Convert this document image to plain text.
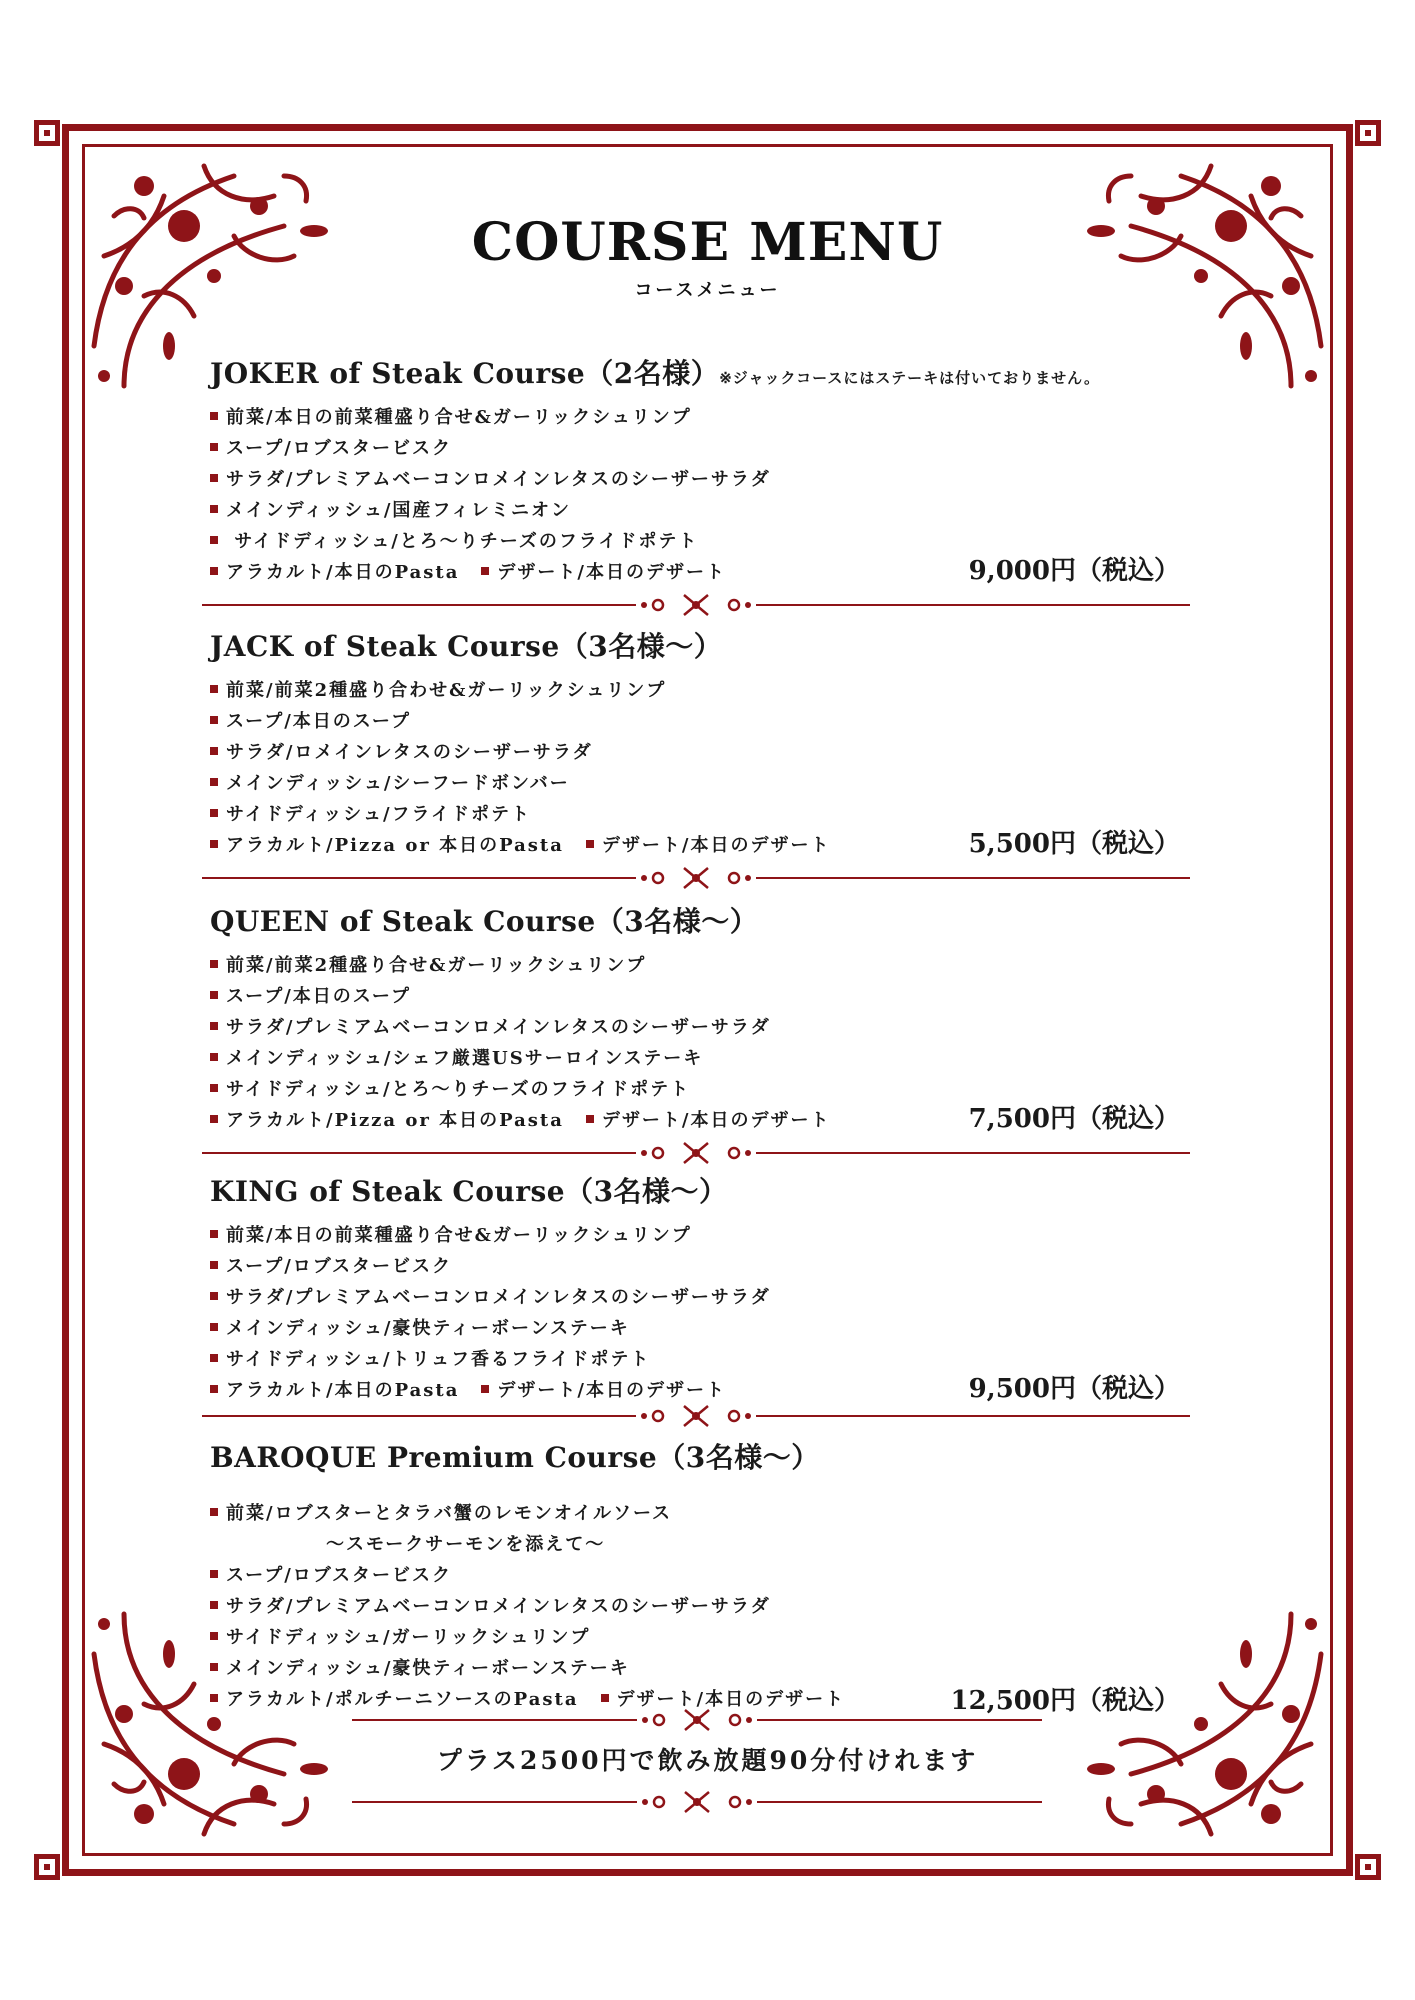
COURSE MENU
コースメニュー
JOKER of Steak Course（2名様）※ジャックコースにはステーキは付いておりません。
前菜/本日の前菜種盛り合せ&ガーリックシュリンプ
スープ/ロブスタービスク
サラダ/プレミアムベーコンロメインレタスのシーザーサラダ
メインディッシュ/国産フィレミニオン
サイドディッシュ/とろ〜りチーズのフライドポテト
アラカルト/本日のPasta デザート/本日のデザート	9,000円（税込）
JACK of Steak Course（3名様〜）
前菜/前菜2種盛り合わせ&ガーリックシュリンプ
スープ/本日のスープ
サラダ/ロメインレタスのシーザーサラダ
メインディッシュ/シーフードボンバー
サイドディッシュ/フライドポテト
アラカルト/Pizza or 本日のPasta デザート/本日のデザート	5,500円（税込）
QUEEN of Steak Course（3名様〜）
前菜/前菜2種盛り合せ&ガーリックシュリンプ
スープ/本日のスープ
サラダ/プレミアムベーコンロメインレタスのシーザーサラダ
メインディッシュ/シェフ厳選USサーロインステーキ
サイドディッシュ/とろ〜りチーズのフライドポテト
アラカルト/Pizza or 本日のPasta デザート/本日のデザート	7,500円（税込）
KING of Steak Course（3名様〜）
前菜/本日の前菜種盛り合せ&ガーリックシュリンプ
スープ/ロブスタービスク
サラダ/プレミアムベーコンロメインレタスのシーザーサラダ
メインディッシュ/豪快ティーボーンステーキ
サイドディッシュ/トリュフ香るフライドポテト
アラカルト/本日のPasta デザート/本日のデザート	9,500円（税込）
BAROQUE Premium Course（3名様〜）
前菜/ロブスターとタラバ蟹のレモンオイルソース
〜スモークサーモンを添えて〜
スープ/ロブスタービスク
サラダ/プレミアムベーコンロメインレタスのシーザーサラダ
サイドディッシュ/ガーリックシュリンプ
メインディッシュ/豪快ティーボーンステーキ
アラカルト/ポルチーニソースのPasta デザート/本日のデザート	12,500円（税込）
プラス2500円で飲み放題90分付けれます
